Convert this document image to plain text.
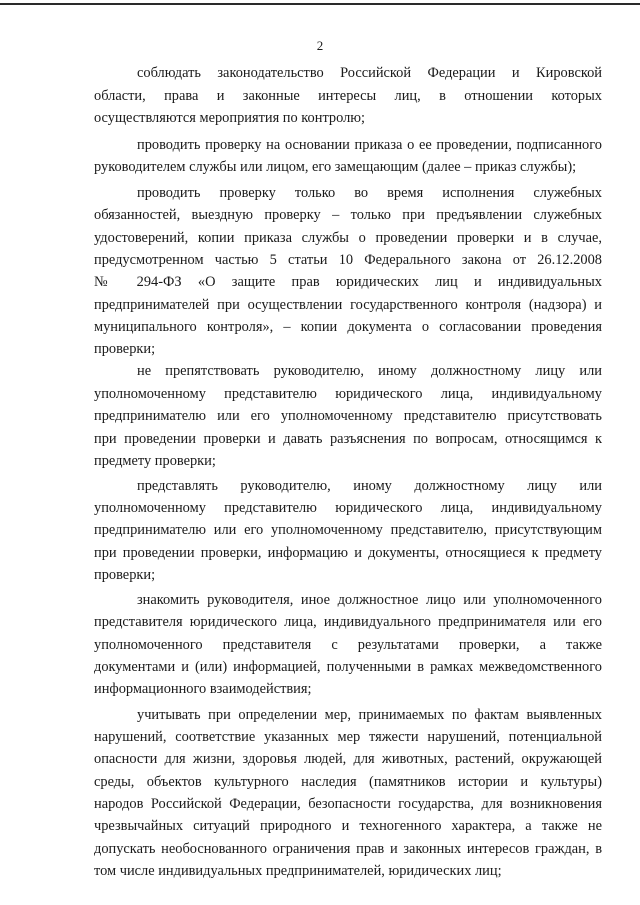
2
соблюдать законодательство Российской Федерации и Кировской
области, права и законные интересы лиц, в отношении которых
осуществляются мероприятия по контролю;
проводить проверку на основании приказа о ее проведении, подписанного
руководителем службы или лицом, его замещающим (далее – приказ службы);
проводить проверку только во время исполнения служебных
обязанностей, выездную проверку – только при предъявлении служебных
удостоверений, копии приказа службы о проведении проверки и в случае,
предусмотренном частью 5 статьи 10 Федерального закона от 26.12.2008
№ 294-ФЗ «О защите прав юридических лиц и индивидуальных
предпринимателей при осуществлении государственного контроля (надзора) и
муниципального контроля», – копии документа о согласовании проведения
проверки;
не препятствовать руководителю, иному должностному лицу или
уполномоченному представителю юридического лица, индивидуальному
предпринимателю или его уполномоченному представителю присутствовать
при проведении проверки и давать разъяснения по вопросам, относящимся к
предмету проверки;
представлять руководителю, иному должностному лицу или
уполномоченному представителю юридического лица, индивидуальному
предпринимателю или его уполномоченному представителю, присутствующим
при проведении проверки, информацию и документы, относящиеся к предмету
проверки;
знакомить руководителя, иное должностное лицо или уполномоченного
представителя юридического лица, индивидуального предпринимателя или его
уполномоченного представителя с результатами проверки, а также
документами и (или) информацией, полученными в рамках межведомственного
информационного взаимодействия;
учитывать при определении мер, принимаемых по фактам выявленных
нарушений, соответствие указанных мер тяжести нарушений, потенциальной
опасности для жизни, здоровья людей, для животных, растений, окружающей
среды, объектов культурного наследия (памятников истории и культуры)
народов Российской Федерации, безопасности государства, для возникновения
чрезвычайных ситуаций природного и техногенного характера, а также не
допускать необоснованного ограничения прав и законных интересов граждан, в
том числе индивидуальных предпринимателей, юридических лиц;
